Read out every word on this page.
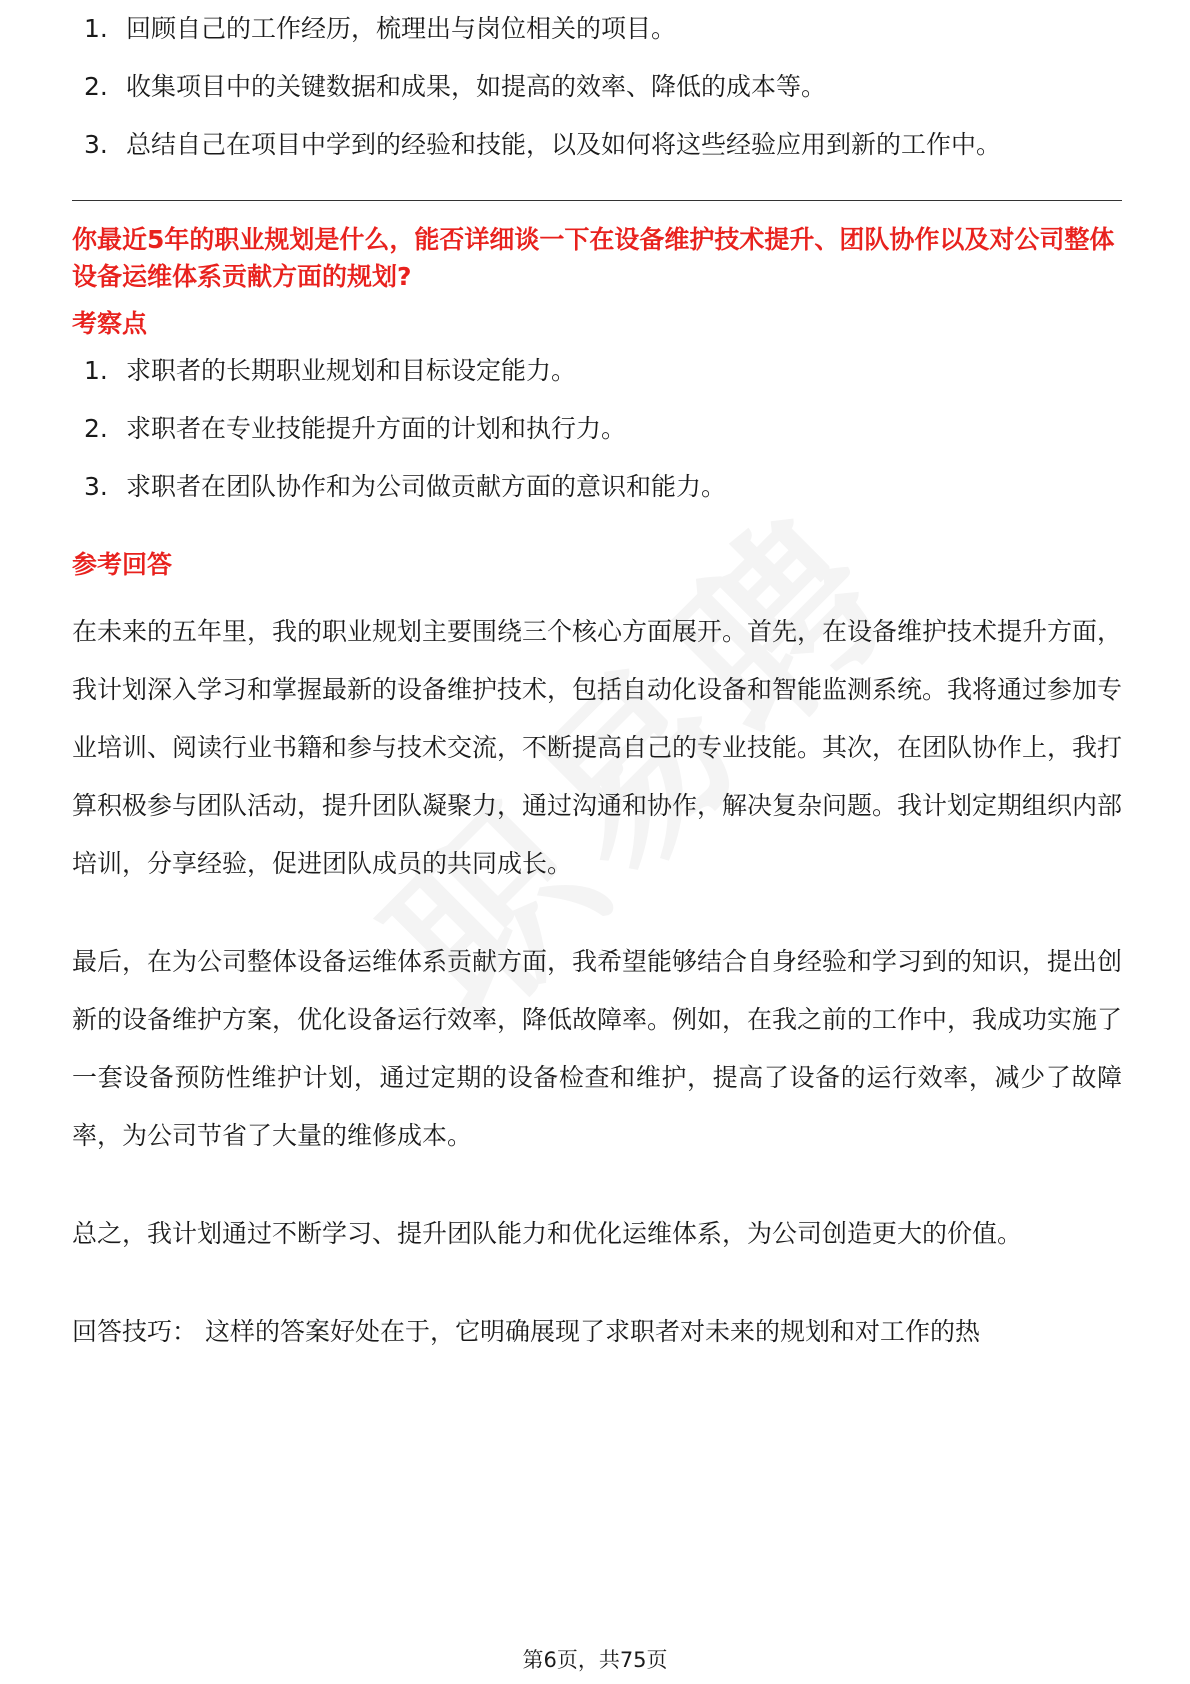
1. 回顾自己的工作经历，梳理出与岗位相关的项目。
2. 收集项目中的关键数据和成果，如提高的效率、降低的成本等。
3. 总结自己在项目中学到的经验和技能，以及如何将这些经验应用到新的工作中。
你最近5年的职业规划是什么，能否详细谈一下在设备维护技术提升、团队协作以及对公司整体设备运维体系贡献方面的规划?
考察点
1. 求职者的长期职业规划和目标设定能力。
2. 求职者在专业技能提升方面的计划和执行力。
3. 求职者在团队协作和为公司做贡献方面的意识和能力。
参考回答

在未来的五年里，我的职业规划主要围绕三个核心方面展开。首先，在设备维护技术提升方面，我计划深入学习和掌握最新的设备维护技术，包括自动化设备和智能监测系统。我将通过参加专业培训、阅读行业书籍和参与技术交流，不断提高自己的专业技能。其次，在团队协作上，我打算积极参与团队活动，提升团队凝聚力，通过沟通和协作，解决复杂问题。我计划定期组织内部培训，分享经验，促进团队成员的共同成长。

最后，在为公司整体设备运维体系贡献方面，我希望能够结合自身经验和学习到的知识，提出创新的设备维护方案，优化设备运行效率，降低故障率。例如，在我之前的工作中，我成功实施了一套设备预防性维护计划，通过定期的设备检查和维护，提高了设备的运行效率，减少了故障率，为公司节省了大量的维修成本。

总之，我计划通过不断学习、提升团队能力和优化运维体系，为公司创造更大的价值。

回答技巧： 这样的答案好处在于，它明确展现了求职者对未来的规划和对工作的热

第6页，共75页
